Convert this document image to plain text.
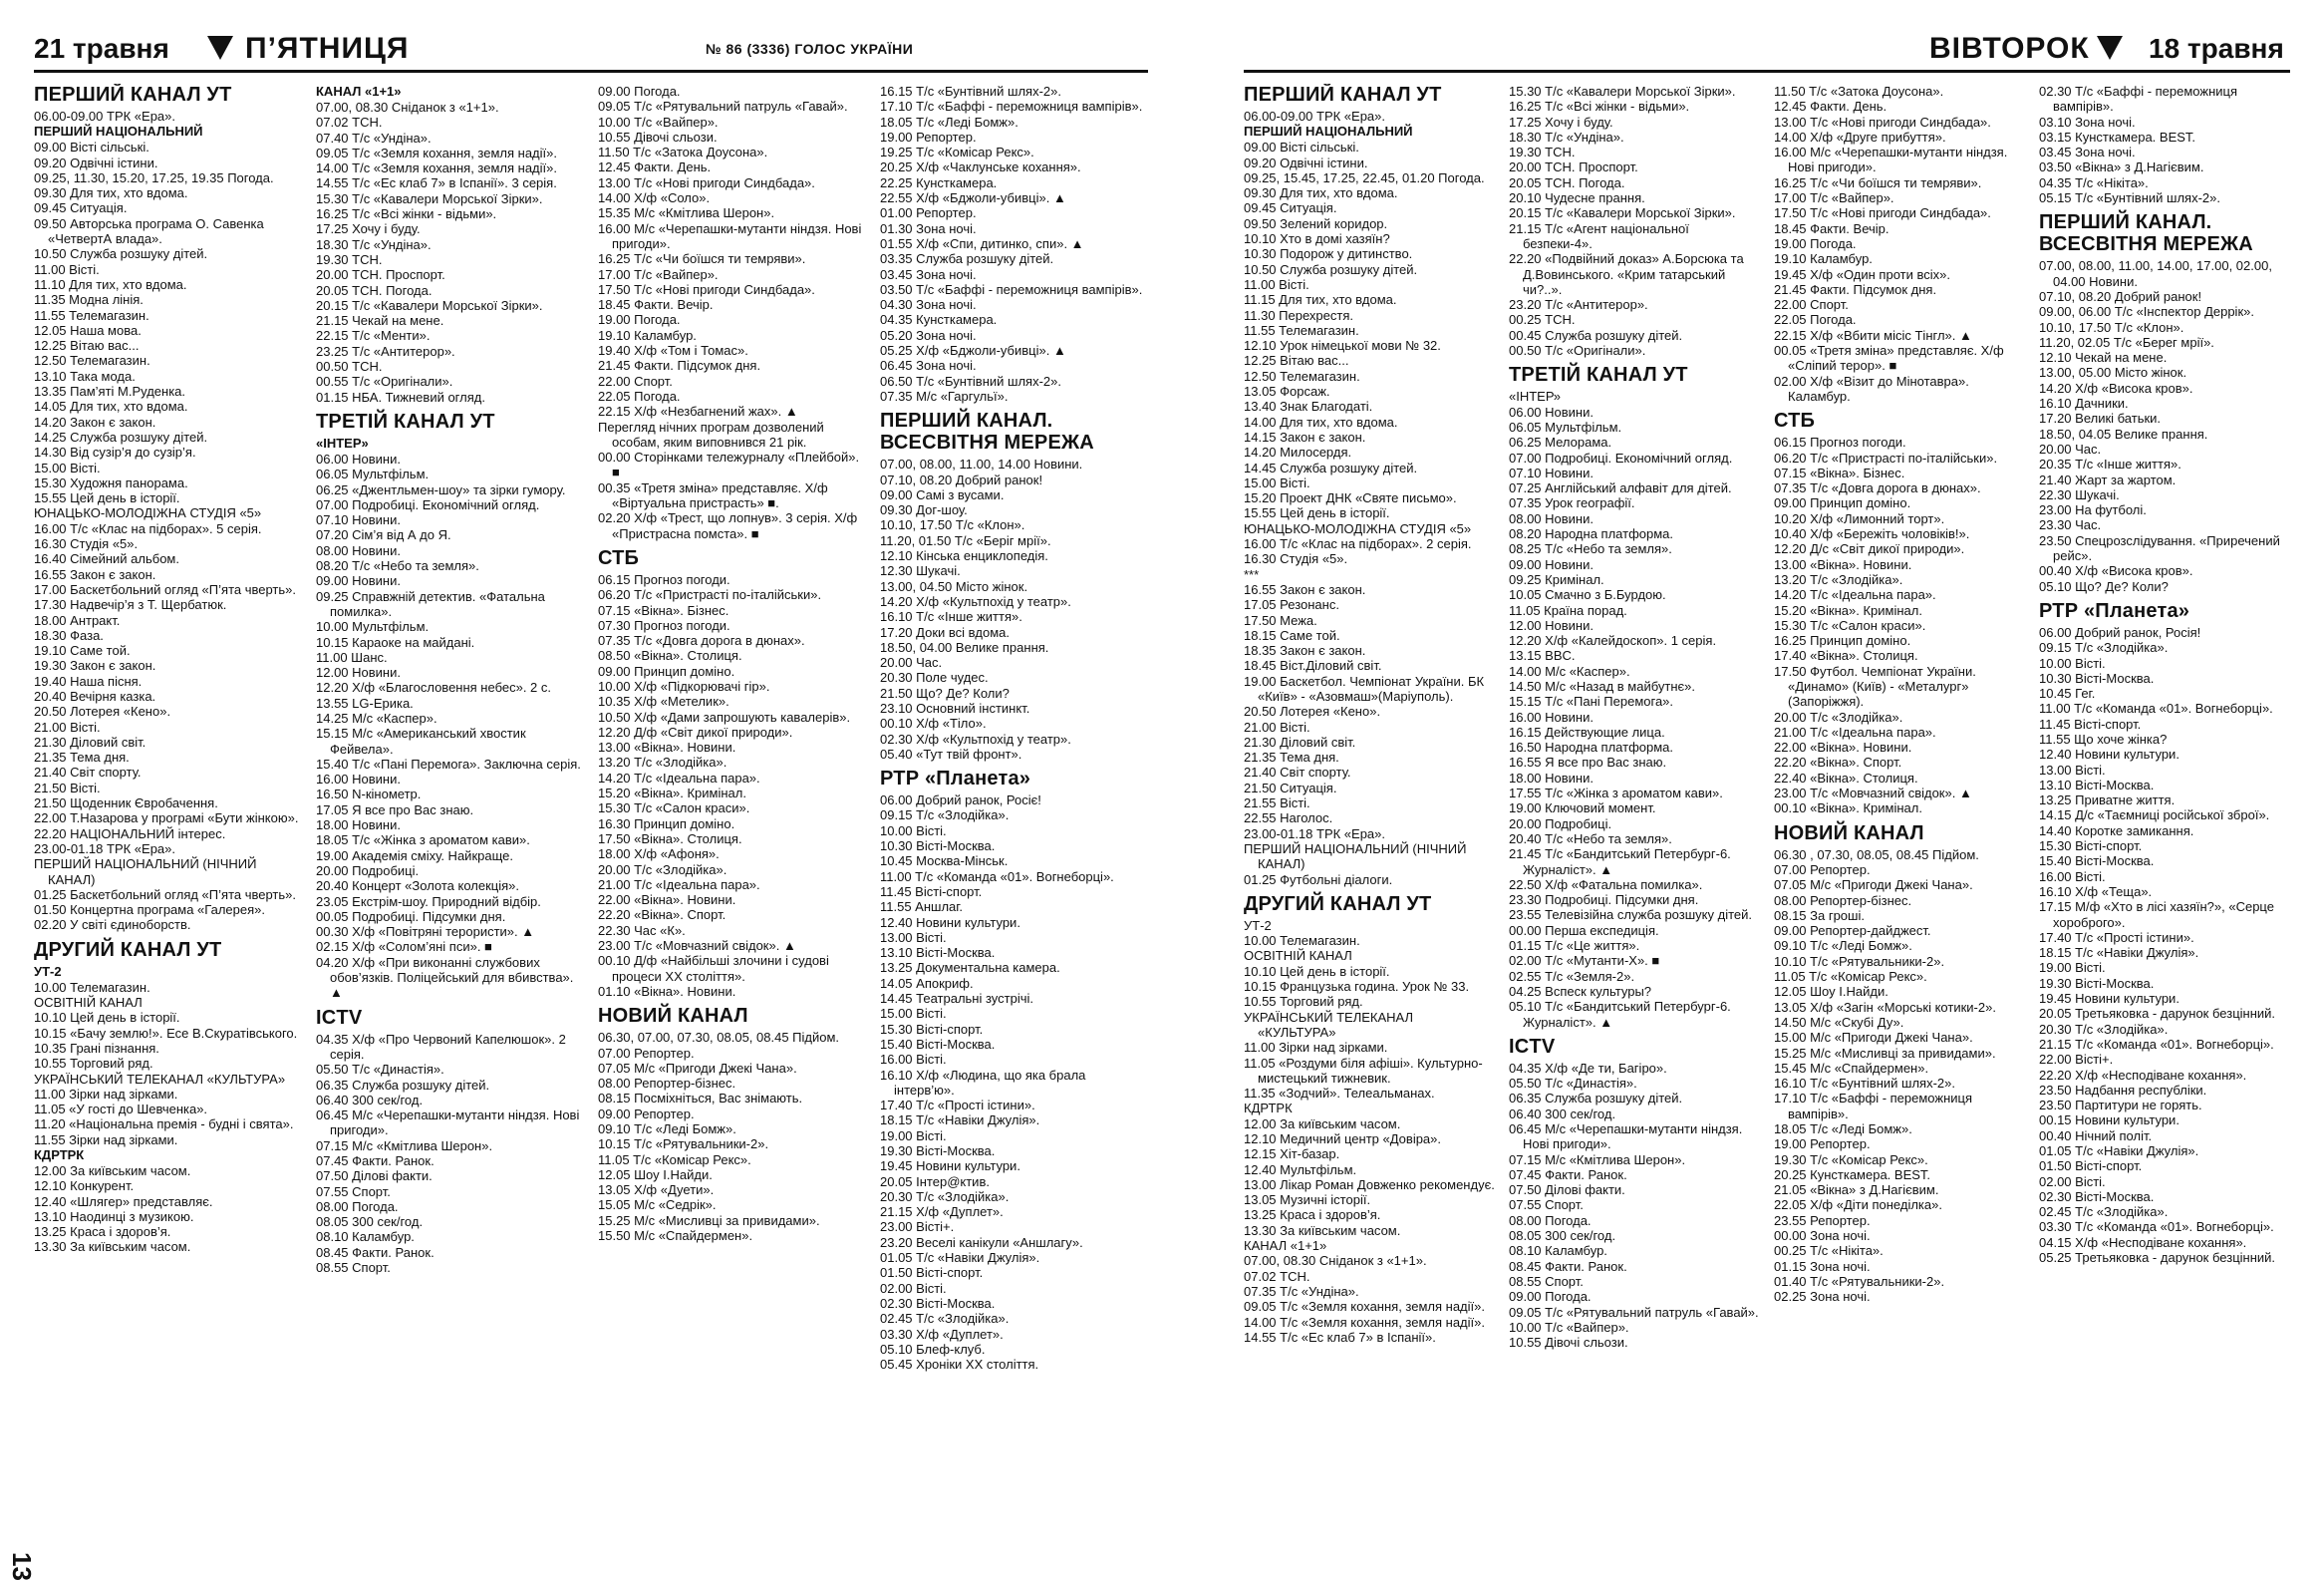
21 травня	П’ЯТНИЦЯ	№ 86 (3336) ГОЛОС УКРАЇНИ
ПЕРШИЙ КАНАЛ УТ
06.00-09.00 ТРК «Ера».
ПЕРШИЙ НАЦІОНАЛЬНИЙ
09.00 Вісті сільські.
09.20 Одвічні істини.
09.25, 11.30, 15.20, 17.25, 19.35 Погода.
09.30 Для тих, хто вдома.
09.45 Ситуація.
09.50 Авторська програма О. Савенка «ЧетвертА влада».
10.50 Служба розшуку дітей.
11.00 Вісті.
11.10 Для тих, хто вдома.
11.35 Модна лінія.
11.55 Телемагазин.
12.05 Наша мова.
12.25 Вітаю вас...
12.50 Телемагазин.
13.10 Така мода.
13.35 Пам’яті М.Руденка.
14.05 Для тих, хто вдома.
14.20 Закон є закон.
14.25 Служба розшуку дітей.
14.30 Від сузір’я до сузір’я.
15.00 Вісті.
15.30 Художня панорама.
15.55 Цей день в історії.
ЮНАЦЬКО-МОЛОДІЖНА СТУДІЯ «5»
16.00 Т/с «Клас на підборах». 5 серія.
16.30 Студія «5».
16.40 Сімейний альбом.
16.55 Закон є закон.
17.00 Баскетбольний огляд «П’ята чверть».
17.30 Надвечір’я з Т. Щербатюк.
18.00 Антракт.
18.30 Фаза.
19.10 Саме той.
19.30 Закон є закон.
19.40 Наша пісня.
20.40 Вечірня казка.
20.50 Лотерея «Кено».
21.00 Вісті.
21.30 Діловий світ.
21.35 Тема дня.
21.40 Світ спорту.
21.50 Вісті.
21.50 Щоденник Євробачення.
22.00 Т.Назарова у програмі «Бути жінкою».
22.20 НАЦІОНАЛЬНИЙ інтерес.
23.00-01.18 ТРК «Ера».
ПЕРШИЙ НАЦІОНАЛЬНИЙ (НІЧНИЙ КАНАЛ)
01.25 Баскетбольний огляд «П’ята чверть».
01.50 Концертна програма «Галерея».
02.20 У світі єдиноборств.
ДРУГИЙ КАНАЛ УТ
УТ-2
10.00 Телемагазин.
ОСВІТНІЙ КАНАЛ
10.10 Цей день в історії.
10.15 «Бачу землю!». Есе В.Скуратівського.
10.35 Грані пізнання.
10.55 Торговий ряд.
УКРАЇНСЬКИЙ ТЕЛЕКАНАЛ «КУЛЬТУРА»
11.00 Зірки над зірками.
11.05 «У гості до Шевченка».
11.20 «Національна премія - будні і свята».
11.55 Зірки над зірками.
КДРТРК
12.00 За київським часом.
12.10 Конкурент.
12.40 «Шлягер» представляє.
13.10 Наодинці з музикою.
13.25 Краса і здоров’я.
13.30 За київським часом.
КАНАЛ «1+1»
07.00, 08.30 Сніданок з «1+1».
07.02 ТСН.
07.40 Т/с «Ундіна».
09.05 Т/с «Земля кохання, земля надії».
14.00 Т/с «Земля кохання, земля надії».
14.55 Т/с «Ес клаб 7» в Іспанії». 3 серія.
15.30 Т/с «Кавалери Морської Зірки».
16.25 Т/с «Всі жінки - відьми».
17.25 Хочу і буду.
18.30 Т/с «Ундіна».
19.30 ТСН.
20.00 ТСН. Проспорт.
20.05 ТСН. Погода.
20.15 Т/с «Кавалери Морської Зірки».
21.15 Чекай на мене.
22.15 Т/с «Менти».
23.25 Т/с «Антитерор».
00.50 ТСН.
00.55 Т/с «Оригінали».
01.15 НБА. Тижневий огляд.
ТРЕТІЙ КАНАЛ УТ
«ІНТЕР»
06.00 Новини.
06.05 Мультфільм.
06.25 «Джентльмен-шоу» та зірки гумору.
07.00 Подробиці. Економічний огляд.
07.10 Новини.
07.20 Сім’я від А до Я.
08.00 Новини.
08.20 Т/с «Небо та земля».
09.00 Новини.
09.25 Справжній детектив. «Фатальна помилка».
10.00 Мультфільм.
10.15 Караоке на майдані.
11.00 Шанс.
12.00 Новини.
12.20 Х/ф «Благословення небес». 2 с.
13.55 LG-Ерика.
14.25 М/с «Каспер».
15.15 М/с «Американський хвостик Фейвела».
15.40 Т/с «Пані Перемога». Заключна серія.
16.00 Новини.
16.50 N-кінометр.
17.05 Я все про Вас знаю.
18.00 Новини.
18.05 Т/с «Жінка з ароматом кави».
19.00 Академія сміху. Найкраще.
20.00 Подробиці.
20.40 Концерт «Золота колекція».
23.05 Екстрім-шоу. Природний відбір.
00.05 Подробиці. Підсумки дня.
00.30 Х/ф «Повітряні терористи». ▲
02.15 Х/ф «Солом’яні пси». ■
04.20 Х/ф «При виконанні службових обов’язків. Поліцейський для вбивства». ▲
ICTV
04.35 Х/ф «Про Червоний Капелюшок». 2 серія.
05.50 Т/с «Династія».
06.35 Служба розшуку дітей.
06.40 300 сек/год.
06.45 М/с «Черепашки-мутанти ніндзя. Нові пригоди».
07.15 М/с «Кмітлива Шерон».
07.45 Факти. Ранок.
07.50 Ділові факти.
07.55 Спорт.
08.00 Погода.
08.05 300 сек/год.
08.10 Каламбур.
08.45 Факти. Ранок.
08.55 Спорт.
09.00 Погода.
09.05 Т/с «Рятувальний патруль «Гавай».
10.00 Т/с «Вайпер».
10.55 Дівочі сльози.
11.50 Т/с «Затока Доусона».
12.45 Факти. День.
13.00 Т/с «Нові пригоди Синдбада».
14.00 Х/ф «Соло».
15.35 М/с «Кмітлива Шерон».
16.00 М/с «Черепашки-мутанти ніндзя. Нові пригоди».
16.25 Т/с «Чи боїшся ти темряви».
17.00 Т/с «Вайпер».
17.50 Т/с «Нові пригоди Синдбада».
18.45 Факти. Вечір.
19.00 Погода.
19.10 Каламбур.
19.40 Х/ф «Том і Томас».
21.45 Факти. Підсумок дня.
22.00 Спорт.
22.05 Погода.
22.15 Х/ф «Незбагнений жах». ▲
Перегляд нічних програм дозволений особам, яким виповнився 21 рік.
00.00 Сторінками тележурналу «Плейбой». ■
00.35 «Третя зміна» представляє. Х/ф «Віртуальна пристрасть» ■.
02.20 Х/ф «Трест, що лопнув». 3 серія. Х/ф «Пристрасна помста». ■
СТБ
06.15 Прогноз погоди.
06.20 Т/с «Пристрасті по-італійськи».
07.15 «Вікна». Бізнес.
07.30 Прогноз погоди.
07.35 Т/с «Довга дорога в дюнах».
08.50 «Вікна». Столиця.
09.00 Принцип доміно.
10.00 Х/ф «Підкорювачі гір».
10.35 Х/ф «Метелик».
10.50 Х/ф «Дами запрошують кавалерів».
12.20 Д/ф «Світ дикої природи».
13.00 «Вікна». Новини.
13.20 Т/с «Злодійка».
14.20 Т/с «Ідеальна пара».
15.20 «Вікна». Кримінал.
15.30 Т/с «Салон краси».
16.30 Принцип доміно.
17.50 «Вікна». Столиця.
18.00 Х/ф «Афоня».
20.00 Т/с «Злодійка».
21.00 Т/с «Ідеальна пара».
22.00 «Вікна». Новини.
22.20 «Вікна». Спорт.
22.30 Час «К».
23.00 Т/с «Мовчазний свідок». ▲
00.10 Д/ф «Найбільші злочини і судові процеси XX століття».
01.10 «Вікна». Новини.
НОВИЙ КАНАЛ
06.30, 07.00, 07.30, 08.05, 08.45 Підйом.
07.00 Репортер.
07.05 М/с «Пригоди Джекі Чана».
08.00 Репортер-бізнес.
08.15 Посміхніться, Вас знімають.
09.00 Репортер.
09.10 Т/с «Леді Бомж».
10.15 Т/с «Рятувальники-2».
11.05 Т/с «Комісар Рекс».
12.05 Шоу І.Найди.
13.05 Х/ф «Дуети».
15.05 М/с «Седрік».
15.25 М/с «Мисливці за привидами».
15.50 М/с «Спайдермен».
16.15 Т/с «Бунтівний шлях-2».
17.10 Т/с «Баффі - переможниця вампірів».
18.05 Т/с «Леді Бомж».
19.00 Репортер.
19.25 Т/с «Комісар Рекс».
20.25 Х/ф «Чаклунське кохання».
22.25 Кунсткамера.
22.55 Х/ф «Бджоли-убивці». ▲
01.00 Репортер.
01.30 Зона ночі.
01.55 Х/ф «Спи, дитинко, спи». ▲
03.35 Служба розшуку дітей.
03.45 Зона ночі.
03.50 Т/с «Баффі - переможниця вампірів».
04.30 Зона ночі.
04.35 Кунсткамера.
05.20 Зона ночі.
05.25 Х/ф «Бджоли-убивці». ▲
06.45 Зона ночі.
06.50 Т/с «Бунтівний шлях-2».
07.35 М/с «Гаргульї».
ПЕРШИЙ КАНАЛ. ВСЕСВІТНЯ МЕРЕЖА
07.00, 08.00, 11.00, 14.00 Новини.
07.10, 08.20 Добрий ранок!
09.00 Самі з вусами.
09.30 Дог-шоу.
10.10, 17.50 Т/с «Клон».
11.20, 01.50 Т/с «Беріг мрії».
12.10 Кінська енциклопедія.
12.30 Шукачі.
13.00, 04.50 Місто жінок.
14.20 Х/ф «Культпохід у театр».
16.10 Т/с «Інше життя».
17.20 Доки всі вдома.
18.50, 04.00 Велике прання.
20.00 Час.
20.30 Поле чудес.
21.50 Що? Де? Коли?
23.10 Основний інстинкт.
00.10 Х/ф «Тіло».
02.30 Х/ф «Культпохід у театр».
05.40 «Тут твій фронт».
РТР «Планета»
06.00 Добрий ранок, Росіє!
09.15 Т/с «Злодійка».
10.00 Вісті.
10.30 Вісті-Москва.
10.45 Москва-Мінськ.
11.00 Т/с «Команда «01». Вогнеборці».
11.45 Вісті-спорт.
11.55 Аншлаг.
12.40 Новини культури.
13.00 Вісті.
13.10 Вісті-Москва.
13.25 Документальна камера.
14.05 Апокриф.
14.45 Театральні зустрічі.
15.00 Вісті.
15.30 Вісті-спорт.
15.40 Вісті-Москва.
16.00 Вісті.
16.10 Х/ф «Людина, що яка брала інтерв’ю».
17.40 Т/с «Прості істини».
18.15 Т/с «Навіки Джулія».
19.00 Вісті.
19.30 Вісті-Москва.
19.45 Новини культури.
20.05 Інтер@ктив.
20.30 Т/с «Злодійка».
21.15 Х/ф «Дуплет».
23.00 Вісті+.
23.20 Веселі канікули «Аншлагу».
01.05 Т/с «Навіки Джулія».
01.50 Вісті-спорт.
02.00 Вісті.
02.30 Вісті-Москва.
02.45 Т/с «Злодійка».
03.30 Х/ф «Дуплет».
05.10 Блеф-клуб.
05.45 Хроніки XX століття.
13
ВІВТОРОК 18 травня
ПЕРШИЙ КАНАЛ УТ
06.00-09.00 ТРК «Ера».
ПЕРШИЙ НАЦІОНАЛЬНИЙ
09.00 Вісті сільські.
09.20 Одвічні істини.
09.25, 15.45, 17.25, 22.45, 01.20 Погода.
09.30 Для тих, хто вдома.
09.45 Ситуація.
09.50 Зелений коридор.
10.10 Хто в домі хазяїн?
10.30 Подорож у дитинство.
10.50 Служба розшуку дітей.
11.00 Вісті.
11.15 Для тих, хто вдома.
11.30 Перехрестя.
11.55 Телемагазин.
12.10 Урок німецької мови № 32.
12.25 Вітаю вас...
12.50 Телемагазин.
13.05 Форсаж.
13.40 Знак Благодаті.
14.00 Для тих, хто вдома.
14.15 Закон є закон.
14.20 Милосердя.
14.45 Служба розшуку дітей.
15.00 Вісті.
15.20 Проект ДНК «Святе письмо».
15.55 Цей день в історії.
ЮНАЦЬКО-МОЛОДІЖНА СТУДІЯ «5»
16.00 Т/с «Клас на підборах». 2 серія.
16.30 Студія «5».
***
16.55 Закон є закон.
17.05 Резонанс.
17.50 Межа.
18.15 Саме той.
18.35 Закон є закон.
18.45 Віст.Діловий світ.
19.00 Баскетбол. Чемпіонат України. БК «Київ» - «Азовмаш»(Маріуполь).
20.50 Лотерея «Кено».
21.00 Вісті.
21.30 Діловий світ.
21.35 Тема дня.
21.40 Світ спорту.
21.50 Ситуація.
21.55 Вісті.
22.55 Наголос.
23.00-01.18 ТРК «Ера».
ПЕРШИЙ НАЦІОНАЛЬНИЙ (НІЧНИЙ КАНАЛ)
01.25 Футбольні діалоги.
ДРУГИЙ КАНАЛ УТ
УТ-2
10.00 Телемагазин.
ОСВІТНІЙ КАНАЛ
10.10 Цей день в історії.
10.15 Французька година. Урок № 33.
10.55 Торговий ряд.
УКРАЇНСЬКИЙ ТЕЛЕКАНАЛ «КУЛЬТУРА»
11.00 Зірки над зірками.
11.05 «Роздуми біля афіші». Культурно-мистецький тижневик.
11.35 «Зодчий». Телеальманах.
КДРТРК
12.00 За київським часом.
12.10 Медичний центр «Довіра».
12.15 Хіт-базар.
12.40 Мультфільм.
13.00 Лікар Роман Довженко рекомендує.
13.05 Музичні історії.
13.25 Краса і здоров’я.
13.30 За київським часом.
КАНАЛ «1+1»
07.00, 08.30 Сніданок з «1+1».
07.02 ТСН.
07.35 Т/с «Ундіна».
09.05 Т/с «Земля кохання, земля надії».
14.00 Т/с «Земля кохання, земля надії».
14.55 Т/с «Ес клаб 7» в Іспанії».
15.30 Т/с «Кавалери Морської Зірки».
16.25 Т/с «Всі жінки - відьми».
17.25 Хочу і буду.
18.30 Т/с «Ундіна».
19.30 ТСН.
20.00 ТСН. Проспорт.
20.05 ТСН. Погода.
20.10 Чудесне прання.
20.15 Т/с «Кавалери Морської Зірки».
21.15 Т/с «Агент національної безпеки-4».
22.20 «Подвійний доказ» А.Борсюка та Д.Вовинського. «Крим татарський чи?..».
23.20 Т/с «Антитерор».
00.25 ТСН.
00.45 Служба розшуку дітей.
00.50 Т/с «Оригінали».
ТРЕТІЙ КАНАЛ УТ
«ІНТЕР»
06.00 Новини.
06.05 Мультфільм.
06.25 Мелорама.
07.00 Подробиці. Економічний огляд.
07.10 Новини.
07.25 Англійський алфавіт для дітей.
07.35 Урок географії.
08.00 Новини.
08.20 Народна платформа.
08.25 Т/с «Небо та земля».
09.00 Новини.
09.25 Кримінал.
10.05 Смачно з Б.Бурдою.
11.05 Країна порад.
12.00 Новини.
12.20 Х/ф «Калейдоскоп». 1 серія.
13.15 BBC.
14.00 М/с «Каспер».
14.50 М/с «Назад в майбутнє».
15.15 Т/с «Пані Перемога».
16.00 Новини.
16.15 Действующие лица.
16.50 Народна платформа.
16.55 Я все про Вас знаю.
18.00 Новини.
17.55 Т/с «Жінка з ароматом кави».
19.00 Ключовий момент.
20.00 Подробиці.
20.40 Т/с «Небо та земля».
21.45 Т/с «Бандитський Петербург-6. Журналіст». ▲
22.50 Х/ф «Фатальна помилка».
23.30 Подробиці. Підсумки дня.
23.55 Телевізійна служба розшуку дітей.
00.00 Перша експедиція.
01.15 Т/с «Це життя».
02.00 Т/с «Мутанти-Х». ■
02.55 Т/с «Земля-2».
04.25 Вспеск культуры?
05.10 Т/с «Бандитський Петербург-6. Журналіст». ▲
ICTV
04.35 Х/ф «Де ти, Багіро».
05.50 Т/с «Династія».
06.35 Служба розшуку дітей.
06.40 300 сек/год.
06.45 М/с «Черепашки-мутанти ніндзя. Нові пригоди».
07.15 М/с «Кмітлива Шерон».
07.45 Факти. Ранок.
07.50 Ділові факти.
07.55 Спорт.
08.00 Погода.
08.05 300 сек/год.
08.10 Каламбур.
08.45 Факти. Ранок.
08.55 Спорт.
09.00 Погода.
09.05 Т/с «Рятувальний патруль «Гавай».
10.00 Т/с «Вайпер».
10.55 Дівочі сльози.
11.50 Т/с «Затока Доусона».
12.45 Факти. День.
13.00 Т/с «Нові пригоди Синдбада».
14.00 Х/ф «Друге прибуття».
16.00 М/с «Черепашки-мутанти ніндзя. Нові пригоди».
16.25 Т/с «Чи боїшся ти темряви».
17.00 Т/с «Вайпер».
17.50 Т/с «Нові пригоди Синдбада».
18.45 Факти. Вечір.
19.00 Погода.
19.10 Каламбур.
19.45 Х/ф «Один проти всіх».
21.45 Факти. Підсумок дня.
22.00 Спорт.
22.05 Погода.
22.15 Х/ф «Вбити місіс Тінгл». ▲
00.05 «Третя зміна» представляє. Х/ф «Сліпий терор». ■
02.00 Х/ф «Візит до Мінотавра». Каламбур.
СТБ
06.15 Прогноз погоди.
06.20 Т/с «Пристрасті по-італійськи».
07.15 «Вікна». Бізнес.
07.35 Т/с «Довга дорога в дюнах».
09.00 Принцип доміно.
10.20 Х/ф «Лимонний торт».
10.40 Х/ф «Бережіть чоловіків!».
12.20 Д/с «Світ дикої природи».
13.00 «Вікна». Новини.
13.20 Т/с «Злодійка».
14.20 Т/с «Ідеальна пара».
15.20 «Вікна». Кримінал.
15.30 Т/с «Салон краси».
16.25 Принцип доміно.
17.40 «Вікна». Столиця.
17.50 Футбол. Чемпіонат України. «Динамо» (Київ) - «Металург» (Запоріжжя).
20.00 Т/с «Злодійка».
21.00 Т/с «Ідеальна пара».
22.00 «Вікна». Новини.
22.20 «Вікна». Спорт.
22.40 «Вікна». Столиця.
23.00 Т/с «Мовчазний свідок». ▲
00.10 «Вікна». Кримінал.
НОВИЙ КАНАЛ
06.30 , 07.30, 08.05, 08.45 Підйом.
07.00 Репортер.
07.05 М/с «Пригоди Джекі Чана».
08.00 Репортер-бізнес.
08.15 За гроші.
09.00 Репортер-дайджест.
09.10 Т/с «Леді Бомж».
10.10 Т/с «Рятувальники-2».
11.05 Т/с «Комісар Рекс».
12.05 Шоу І.Найди.
13.05 Х/ф «Загін «Морські котики-2».
14.50 М/с «Скубі Ду».
15.00 М/с «Пригоди Джекі Чана».
15.25 М/с «Мисливці за привидами».
15.45 М/с «Спайдермен».
16.10 Т/с «Бунтівний шлях-2».
17.10 Т/с «Баффі - переможниця вампірів».
18.05 Т/с «Леді Бомж».
19.00 Репортер.
19.30 Т/с «Комісар Рекс».
20.25 Кунсткамера. BEST.
21.05 «Вікна» з Д.Нагієвим.
22.05 Х/ф «Діти понеділка».
23.55 Репортер.
00.00 Зона ночі.
00.25 Т/с «Нікіта».
01.15 Зона ночі.
01.40 Т/с «Рятувальники-2».
02.25 Зона ночі.
02.30 Т/с «Баффі - переможниця вампірів».
03.10 Зона ночі.
03.15 Кунсткамера. BEST.
03.45 Зона ночі.
03.50 «Вікна» з Д.Нагієвим.
04.35 Т/с «Нікіта».
05.15 Т/с «Бунтівний шлях-2».
ПЕРШИЙ КАНАЛ. ВСЕСВІТНЯ МЕРЕЖА
07.00, 08.00, 11.00, 14.00, 17.00, 02.00, 04.00 Новини.
07.10, 08.20 Добрий ранок!
09.00, 06.00 Т/с «Інспектор Деррік».
10.10, 17.50 Т/с «Клон».
11.20, 02.05 Т/с «Берег мрії».
12.10 Чекай на мене.
13.00, 05.00 Місто жінок.
14.20 Х/ф «Висока кров».
16.10 Дачники.
17.20 Великі батьки.
18.50, 04.05 Велике прання.
20.00 Час.
20.35 Т/с «Інше життя».
21.40 Жарт за жартом.
22.30 Шукачі.
23.00 На футболі.
23.30 Час.
23.50 Спецрозслідування. «Приречений рейс».
00.40 Х/ф «Висока кров».
05.10 Що? Де? Коли?
РТР «Планета»
06.00 Добрий ранок, Росія!
09.15 Т/с «Злодійка».
10.00 Вісті.
10.30 Вісті-Москва.
10.45 Гег.
11.00 Т/с «Команда «01». Вогнеборці».
11.45 Вісті-спорт.
11.55 Що хоче жінка?
12.40 Новини культури.
13.00 Вісті.
13.10 Вісті-Москва.
13.25 Приватне життя.
14.15 Д/с «Таємниці російської зброї».
14.40 Коротке замикання.
15.30 Вісті-спорт.
15.40 Вісті-Москва.
16.00 Вісті.
16.10 Х/ф «Теща».
17.15 М/ф «Хто в лісі хазяїн?», «Серце хороброго».
17.40 Т/с «Прості істини».
18.15 Т/с «Навіки Джулія».
19.00 Вісті.
19.30 Вісті-Москва.
19.45 Новини культури.
20.05 Третьяковка - дарунок безцінний.
20.30 Т/с «Злодійка».
21.15 Т/с «Команда «01». Вогнеборці».
22.00 Вісті+.
22.20 Х/ф «Несподіване кохання».
23.50 Надбання республіки.
23.50 Партитури не горять.
00.15 Новини культури.
00.40 Нічний політ.
01.05 Т/с «Навіки Джулія».
01.50 Вісті-спорт.
02.00 Вісті.
02.30 Вісті-Москва.
02.45 Т/с «Злодійка».
03.30 Т/с «Команда «01». Вогнеборці».
04.15 Х/ф «Несподіване кохання».
05.25 Третьяковка - дарунок безцінний.
